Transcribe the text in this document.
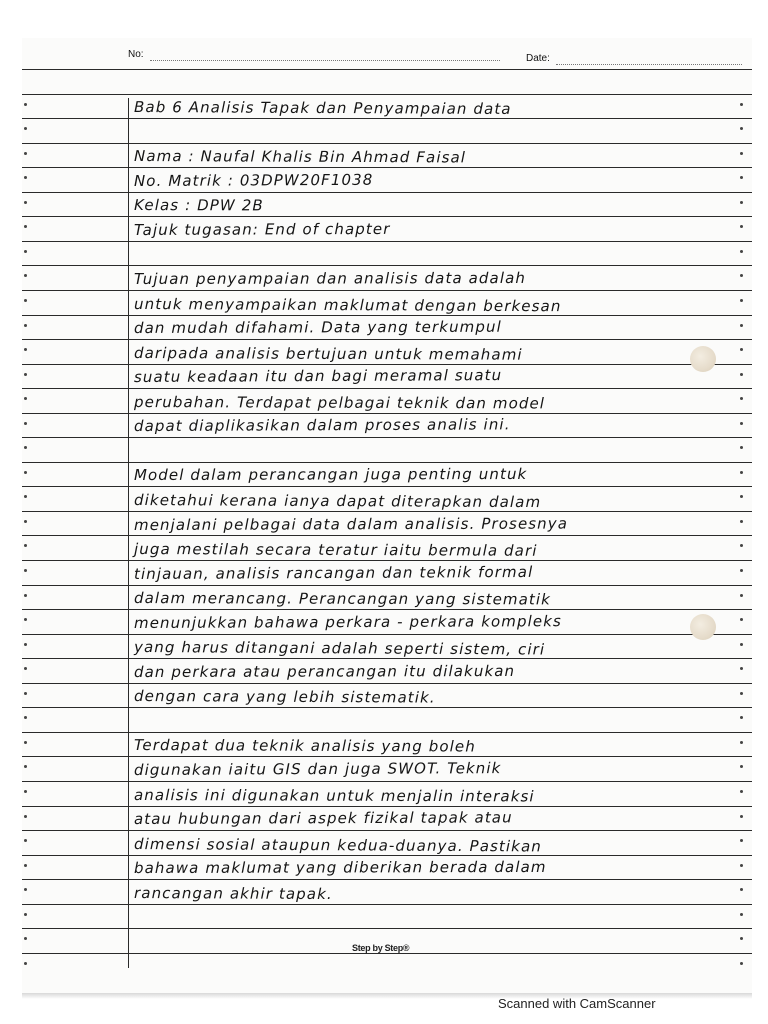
No:	Date:
Bab 6 Analisis Tapak dan Penyampaian data
Nama : Naufal Khalis Bin Ahmad Faisal
No. Matrik : 03DPW20F1038
Kelas : DPW 2B
Tajuk tugasan: End of chapter
Tujuan penyampaian dan analisis data adalah
untuk menyampaikan maklumat dengan berkesan
dan mudah difahami. Data yang terkumpul
daripada analisis bertujuan untuk memahami
suatu keadaan itu dan bagi meramal suatu
perubahan. Terdapat pelbagai teknik dan model
dapat diaplikasikan dalam proses analis ini.
Model dalam perancangan juga penting untuk
diketahui kerana ianya dapat diterapkan dalam
menjalani pelbagai data dalam analisis. Prosesnya
juga mestilah secara teratur iaitu bermula dari
tinjauan, analisis rancangan dan teknik formal
dalam merancang. Perancangan yang sistematik
menunjukkan bahawa perkara - perkara kompleks
yang harus ditangani adalah seperti sistem, ciri
dan perkara atau perancangan itu dilakukan
dengan cara yang lebih sistematik.
Terdapat dua teknik analisis yang boleh
digunakan iaitu GIS dan juga SWOT. Teknik
analisis ini digunakan untuk menjalin interaksi
atau hubungan dari aspek fizikal tapak atau
dimensi sosial ataupun kedua-duanya. Pastikan
bahawa maklumat yang diberikan berada dalam
rancangan akhir tapak.
Step by Step®
Scanned with CamScanner
